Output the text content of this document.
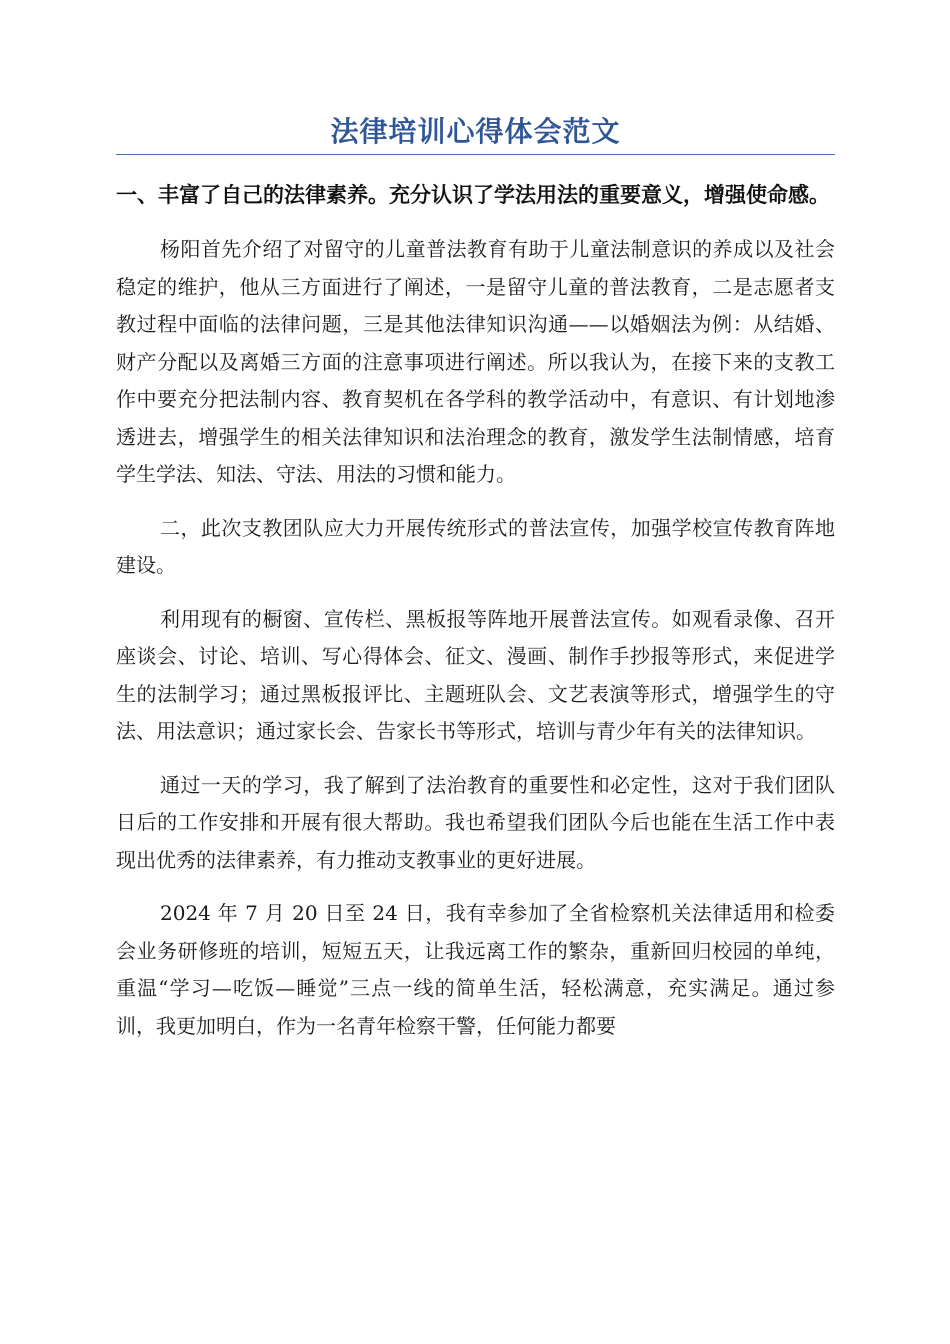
法律培训心得体会范文

一、丰富了自己的法律素养。充分认识了学法用法的重要意义，增强使命感。

杨阳首先介绍了对留守的儿童普法教育有助于儿童法制意识的养成以及社会稳定的维护，他从三方面进行了阐述，一是留守儿童的普法教育，二是志愿者支教过程中面临的法律问题，三是其他法律知识沟通——以婚姻法为例：从结婚、财产分配以及离婚三方面的注意事项进行阐述。所以我认为，在接下来的支教工作中要充分把法制内容、教育契机在各学科的教学活动中，有意识、有计划地渗透进去，增强学生的相关法律知识和法治理念的教育，激发学生法制情感，培育学生学法、知法、守法、用法的习惯和能力。

二，此次支教团队应大力开展传统形式的普法宣传，加强学校宣传教育阵地建设。

利用现有的橱窗、宣传栏、黑板报等阵地开展普法宣传。如观看录像、召开座谈会、讨论、培训、写心得体会、征文、漫画、制作手抄报等形式，来促进学生的法制学习；通过黑板报评比、主题班队会、文艺表演等形式，增强学生的守法、用法意识；通过家长会、告家长书等形式，培训与青少年有关的法律知识。

通过一天的学习，我了解到了法治教育的重要性和必定性，这对于我们团队日后的工作安排和开展有很大帮助。我也希望我们团队今后也能在生活工作中表现出优秀的法律素养，有力推动支教事业的更好进展。

2024 年 7 月 20 日至 24 日，我有幸参加了全省检察机关法律适用和检委会业务研修班的培训，短短五天，让我远离工作的繁杂，重新回归校园的单纯，重温“学习—吃饭—睡觉”三点一线的简单生活，轻松满意，充实满足。通过参训，我更加明白，作为一名青年检察干警，任何能力都要
